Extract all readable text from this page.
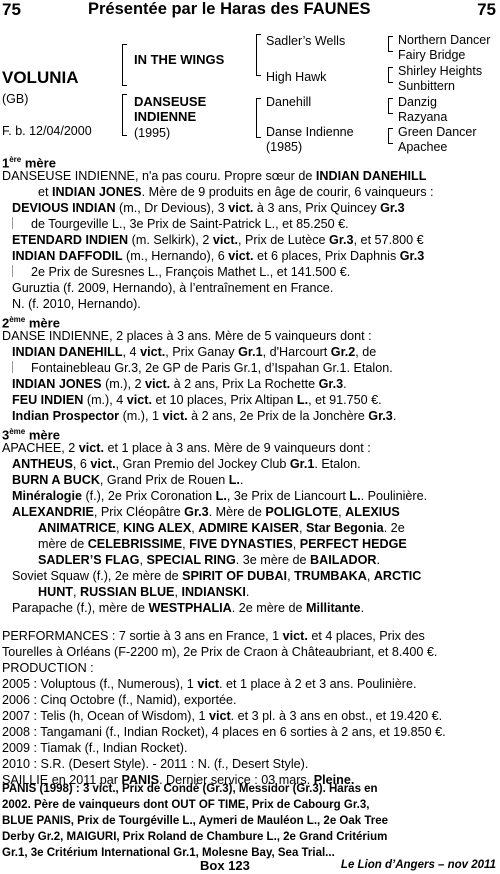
75	Présentée par le Haras des FAUNES	75
VOLUNIA
(GB)
F. b. 12/04/2000
IN THE WINGS
DANSEUSE
INDIENNE
(1995)
Sadler’s Wells
High Hawk
Danehill
Danse Indienne
(1985)
Northern Dancer
Fairy Bridge
Shirley Heights
Sunbittern
Danzig
Razyana
Green Dancer
Apachee
1ère mère
DANSEUSE INDIENNE, n'a pas couru. Propre sœur de INDIAN DANEHILL
et INDIAN JONES. Mère de 9 produits en âge de courir, 6 vainqueurs :
DEVIOUS INDIAN (m., Dr Devious), 3 vict. à 3 ans, Prix Quincey Gr.3
de Tourgeville L., 3e Prix de Saint-Patrick L., et 85.250 €.
ETENDARD INDIEN (m. Selkirk), 2 vict., Prix de Lutèce Gr.3, et 57.800 €
INDIAN DAFFODIL (m., Hernando), 6 vict. et 6 places, Prix Daphnis Gr.3
2e Prix de Suresnes L., François Mathet L., et 141.500 €.
Guruztia (f. 2009, Hernando), à l’entraînement en France.
N. (f. 2010, Hernando).
2ème mère
DANSE INDIENNE, 2 places à 3 ans. Mère de 5 vainqueurs dont :
INDIAN DANEHILL, 4 vict., Prix Ganay Gr.1, d'Harcourt Gr.2, de
Fontainebleau Gr.3, 2e GP de Paris Gr.1, d’Ispahan Gr.1. Etalon.
INDIAN JONES (m.), 2 vict. à 2 ans, Prix La Rochette Gr.3.
FEU INDIEN (m.), 4 vict. et 10 places, Prix Altipan L., et 91.750 €.
Indian Prospector (m.), 1 vict. à 2 ans, 2e Prix de la Jonchère Gr.3.
3ème mère
APACHEE, 2 vict. et 1 place à 3 ans. Mère de 9 vainqueurs dont :
ANTHEUS, 6 vict., Gran Premio del Jockey Club Gr.1. Etalon.
BURN A BUCK, Grand Prix de Rouen L..
Minéralogie (f.), 2e Prix Coronation L., 3e Prix de Liancourt L.. Poulinière.
ALEXANDRIE, Prix Cléopâtre Gr.3. Mère de POLIGLOTE, ALEXIUS
ANIMATRICE, KING ALEX, ADMIRE KAISER, Star Begonia. 2e
mère de CELEBRISSIME, FIVE DYNASTIES, PERFECT HEDGE
SADLER’S FLAG, SPECIAL RING. 3e mère de BAILADOR.
Soviet Squaw (f.), 2e mère de SPIRIT OF DUBAI, TRUMBAKA, ARCTIC
HUNT, RUSSIAN BLUE, INDIANSKI.
Parapache (f.), mère de WESTPHALIA. 2e mère de Millitante.
PERFORMANCES : 7 sortie à 3 ans en France, 1 vict. et 4 places, Prix des
Tourelles à Orléans (F-2200 m), 2e Prix de Craon à Châteaubriant, et 8.400 €.
PRODUCTION :
2005 : Voluptous (f., Numerous), 1 vict. et 1 place à 2 et 3 ans. Poulinière.
2006 : Cinq Octobre (f., Namid), exportée.
2007 : Telis (h, Ocean of Wisdom), 1 vict. et 3 pl. à 3 ans en obst., et 19.420 €.
2008 : Tangamani (f., Indian Rocket), 4 places en 6 sorties à 2 ans, et 19.850 €.
2009 : Tiamak (f., Indian Rocket).
2010 : S.R. (Desert Style). - 2011 : N. (f., Desert Style).
SAILLIE en 2011 par PANIS. Dernier service : 03 mars. Pleine.
PANIS (1998) : 3 vict., Prix de Condé (Gr.3), Messidor (Gr.3). Haras en
2002. Père de vainqueurs dont OUT OF TIME, Prix de Cabourg Gr.3,
BLUE PANIS, Prix de Tourgéville L., Aymeri de Mauléon L., 2e Oak Tree
Derby Gr.2, MAIGURI, Prix Roland de Chambure L., 2e Grand Critérium
Gr.1, 3e Critérium International Gr.1, Molesne Bay, Sea Trial...
Box 123	Le Lion d’Angers – nov 2011
